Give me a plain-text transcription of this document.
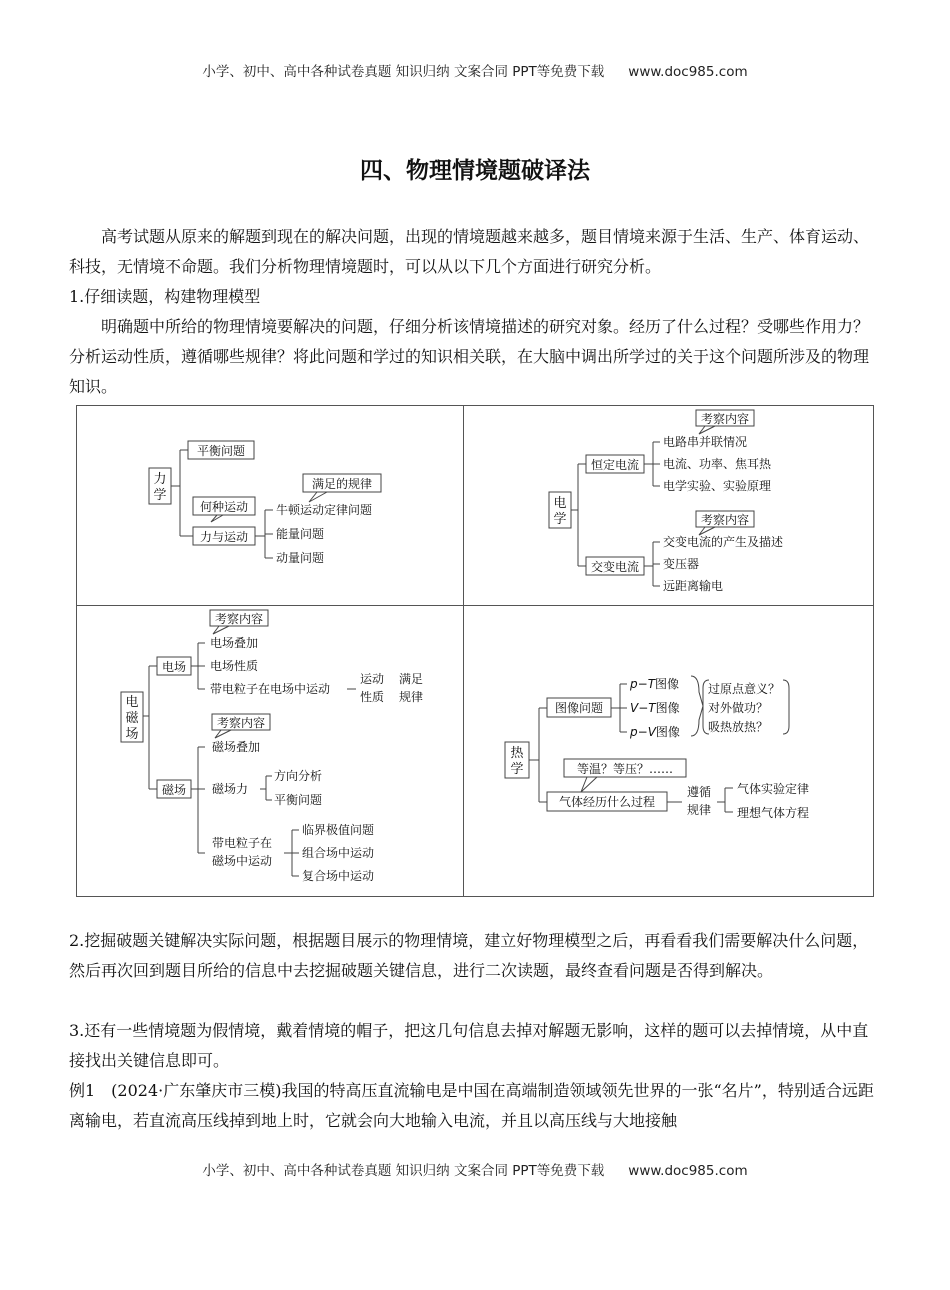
小学、初中、高中各种试卷真题 知识归纳 文案合同 PPT等免费下载 www.doc985.com
四、物理情境题破译法

高考试题从原来的解题到现在的解决问题，出现的情境题越来越多，题目情境来源于生活、生产、体育运动、科技，无情境不命题。我们分析物理情境题时，可以从以下几个方面进行研究分析。

1.仔细读题，构建物理模型

明确题中所给的物理情境要解决的问题，仔细分析该情境描述的研究对象。经历了什么过程？受哪些作用力？分析运动性质，遵循哪些规律？将此问题和学过的知识相关联，在大脑中调出所学过的关于这个问题所涉及的物理知识。

力
学
平衡问题
何种运动
力与运动
满足的规律
牛顿运动定律问题
能量问题
动量问题
电
学
恒定电流
考察内容
电路串并联情况
电流、功率、焦耳热
电学实验、实验原理
交变电流
考察内容
交变电流的产生及描述
变压器
远距离输电
电
磁
场
电场
考察内容
电场叠加
电场性质
带电粒子在电场中运动
运动
性质
满足
规律
磁场
考察内容
磁场叠加
磁场力
方向分析
平衡问题
带电粒子在
磁场中运动
临界极值问题
组合场中运动
复合场中运动
热
学
图像问题
p−T图像
V−T图像
p−V图像
过原点意义？
对外做功？
吸热放热？
等温？等压？……
气体经历什么过程
遵循
规律
气体实验定律
理想气体方程

2.挖掘破题关键解决实际问题，根据题目展示的物理情境，建立好物理模型之后，再看看我们需要解决什么问题，然后再次回到题目所给的信息中去挖掘破题关键信息，进行二次读题，最终查看问题是否得到解决。

3.还有一些情境题为假情境，戴着情境的帽子，把这几句信息去掉对解题无影响，这样的题可以去掉情境，从中直接找出关键信息即可。

例1　(2024·广东肇庆市三模)我国的特高压直流输电是中国在高端制造领域领先世界的一张“名片”，特别适合远距离输电，若直流高压线掉到地上时，它就会向大地输入电流，并且以高压线与大地接触

小学、初中、高中各种试卷真题 知识归纳 文案合同 PPT等免费下载 www.doc985.com
